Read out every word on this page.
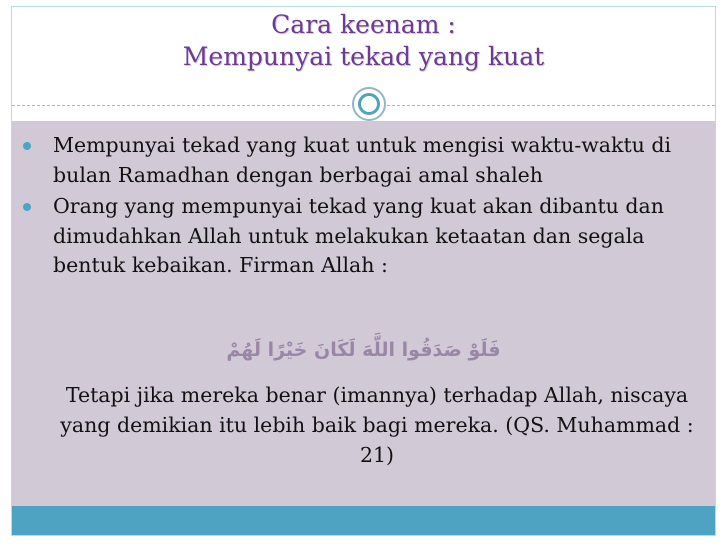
Cara keenam :
Mempunyai tekad yang kuat
Mempunyai tekad yang kuat untuk mengisi waktu-waktu di bulan Ramadhan dengan berbagai amal shaleh
Orang yang mempunyai tekad yang kuat akan dibantu dan dimudahkan Allah untuk melakukan ketaatan dan segala bentuk kebaikan. Firman Allah :
فَلَوْ صَدَقُوا اللَّهَ لَكَانَ خَيْرًا لَهُمْ
Tetapi jika mereka benar (imannya) terhadap Allah, niscaya yang demikian itu lebih baik bagi mereka. (QS. Muhammad : 21)
